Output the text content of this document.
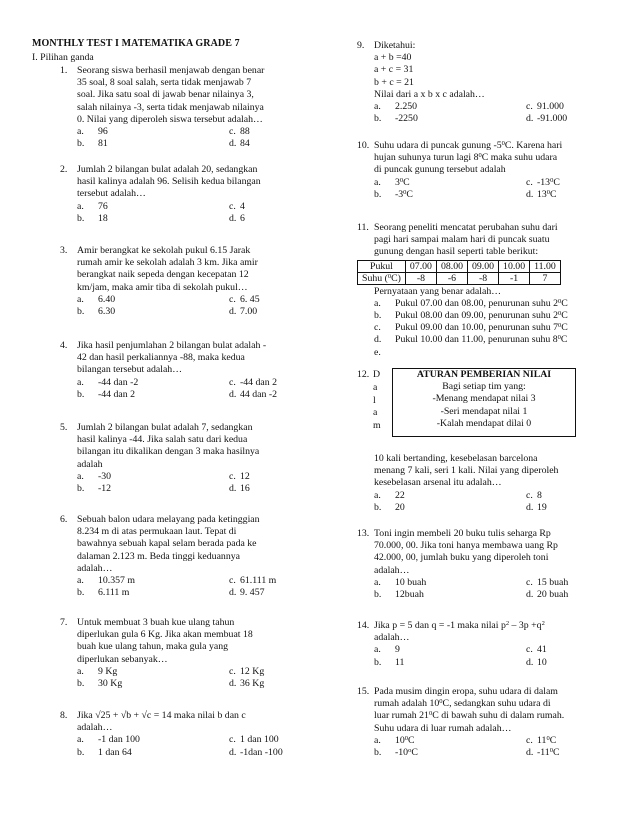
MONTHLY TEST I MATEMATIKA GRADE 7
I. Pilihan ganda
1. Seorang siswa berhasil menjawab dengan benar
35 soal, 8 soal salah, serta tidak menjawab 7
soal. Jika satu soal di jawab benar nilainya 3,
salah nilainya -3, serta tidak menjawab nilainya
0. Nilai yang diperoleh siswa tersebut adalah…
a. 96	c. 88
b. 81	d. 84
2. Jumlah 2 bilangan bulat adalah 20, sedangkan
hasil kalinya adalah 96. Selisih kedua bilangan
tersebut adalah…
a. 76	c. 4
b. 18	d. 6
3. Amir berangkat ke sekolah pukul 6.15 Jarak
rumah amir ke sekolah adalah 3 km. Jika amir
berangkat naik sepeda dengan kecepatan 12
km/jam, maka amir tiba di sekolah pukul…
a. 6.40	c. 6. 45
b. 6.30	d. 7.00
4. Jika hasil penjumlahan 2 bilangan bulat adalah -
42 dan hasil perkaliannya -88, maka kedua
bilangan tersebut adalah…
a. -44 dan -2	c. -44 dan 2
b. -44 dan 2	d. 44 dan -2
5. Jumlah 2 bilangan bulat adalah 7, sedangkan
hasil kalinya -44. Jika salah satu dari kedua
bilangan itu dikalikan dengan 3 maka hasilnya
adalah
a. -30	c. 12
b. -12	d. 16
6. Sebuah balon udara melayang pada ketinggian
8.234 m di atas permukaan laut. Tepat di
bawahnya sebuah kapal selam berada pada ke
dalaman 2.123 m. Beda tinggi keduannya
adalah…
a. 10.357 m	c. 61.111 m
b. 6.111 m	d. 9. 457
7. Untuk membuat 3 buah kue ulang tahun
diperlukan gula 6 Kg. Jika akan membuat 18
buah kue ulang tahun, maka gula yang
diperlukan sebanyak…
a. 9 Kg	c. 12 Kg
b. 30 Kg	d. 36 Kg
8. Jika √25 + √b + √c = 14 maka nilai b dan c
adalah…
a. -1 dan 100	c. 1 dan 100
b. 1 dan 64	d. -1dan -100
9. Diketahui:
a + b =40
a + c = 31
b + c = 21
Nilai dari a x b x c adalah…
a. 2.250	c. 91.000
b. -2250	d. -91.000
10. Suhu udara di puncak gunung $-5^0C$. Karena hari
hujan suhunya turun lagi $8^0C$ maka suhu udara
di puncak gunung tersebut adalah
a. $3^0C$	c. $-13^0C$
b. $-3^0C$	d. $13^0C$
11. Seorang peneliti mencatat perubahan suhu dari
pagi hari sampai malam hari di puncak suatu
gunung dengan hasil seperti table berikut:
Pukul	07.00	08.00	09.00	10.00	11.00
Suhu ($^0$C)	-8	-6	-8	-1	7
Pernyataan yang benar adalah…
a. Pukul 07.00 dan 08.00, penurunan suhu $2^0C$
b. Pukul 08.00 dan 09.00, penurunan suhu $2^0C$
c. Pukul 09.00 dan 10.00, penurunan suhu $7^0C$
d. Pukul 10.00 dan 11.00, penurunan suhu $8^0C$
e.
12. D
a
l
a
m
ATURAN PEMBERIAN NILAI
Bagi setiap tim yang:
-Menang mendapat nilai 3
-Seri mendapat nilai 1
-Kalah mendapat dilai 0
10 kali bertanding, kesebelasan barcelona
menang 7 kali, seri 1 kali. Nilai yang diperoleh
kesebelasan arsenal itu adalah…
a. 22	c. 8
b. 20	d. 19
13. Toni ingin membeli 20 buku tulis seharga Rp
70.000, 00. Jika toni hanya membawa uang Rp
42.000, 00, jumlah buku yang diperoleh toni
adalah…
a. 10 buah	c. 15 buah
b. 12buah	d. 20 buah
14. Jika p = 5 dan q = -1 maka nilai $p^2 - 3p +q^2$
adalah…
a. 9	c. 41
b. 11	d. 10
15. Pada musim dingin eropa, suhu udara di dalam
rumah adalah $10^0C$, sedangkan suhu udara di
luar rumah $21^0C$ di bawah suhu di dalam rumah.
Suhu udara di luar rumah adalah…
a. $10^0C$	c. $11^0C$
b. -10$^o$C	d. $-11^0C$
